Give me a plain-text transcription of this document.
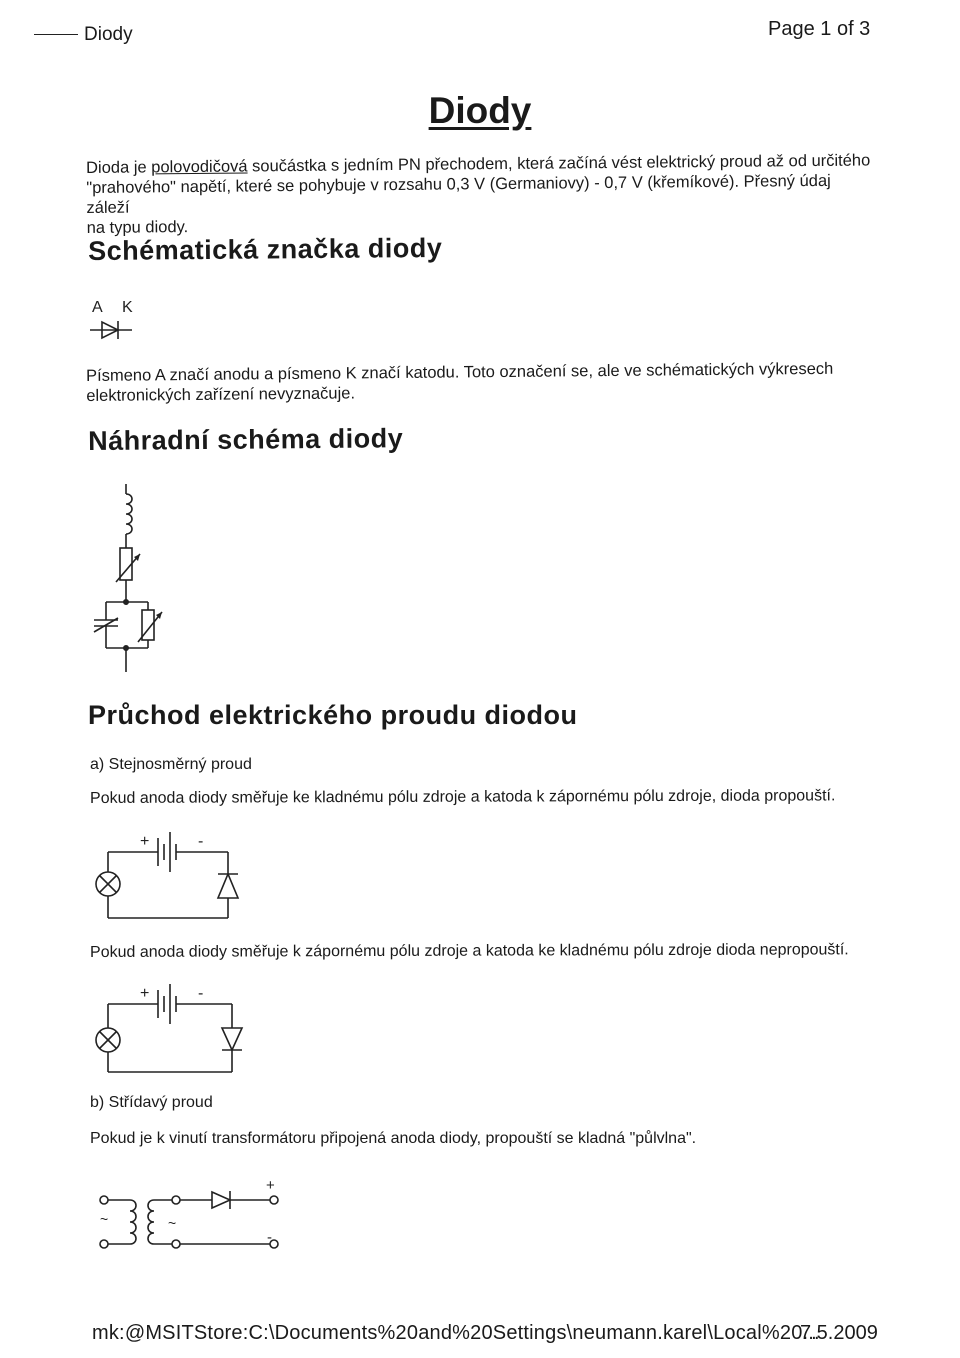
Diody	Page 1 of 3
Diody
Dioda je polovodičová součástka s jedním PN přechodem, která začíná vést elektrický proud až od určitého
"prahového" napětí, které se pohybuje v rozsahu 0,3 V (Germaniovy) - 0,7 V (křemíkové). Přesný údaj záleží
na typu diody.
Schématická značka diody
A K
Písmeno A značí anodu a písmeno K značí katodu. Toto označení se, ale ve schématických výkresech
elektronických zařízení nevyznačuje.
Náhradní schéma diody
Průchod elektrického proudu diodou
a) Stejnosměrný proud
Pokud anoda diody směřuje ke kladnému pólu zdroje a katoda k zápornému pólu zdroje, dioda propouští.
+	-
Pokud anoda diody směřuje k zápornému pólu zdroje a katoda ke kladnému pólu zdroje dioda nepropouští.
+	-
b) Střídavý proud
Pokud je k vinutí transformátoru připojená anoda diody, propouští se kladná "půlvlna".
+
-
~	~
mk:@MSITStore:C:\Documents%20and%20Settings\neumann.karel\Local%20...
7.5.2009
